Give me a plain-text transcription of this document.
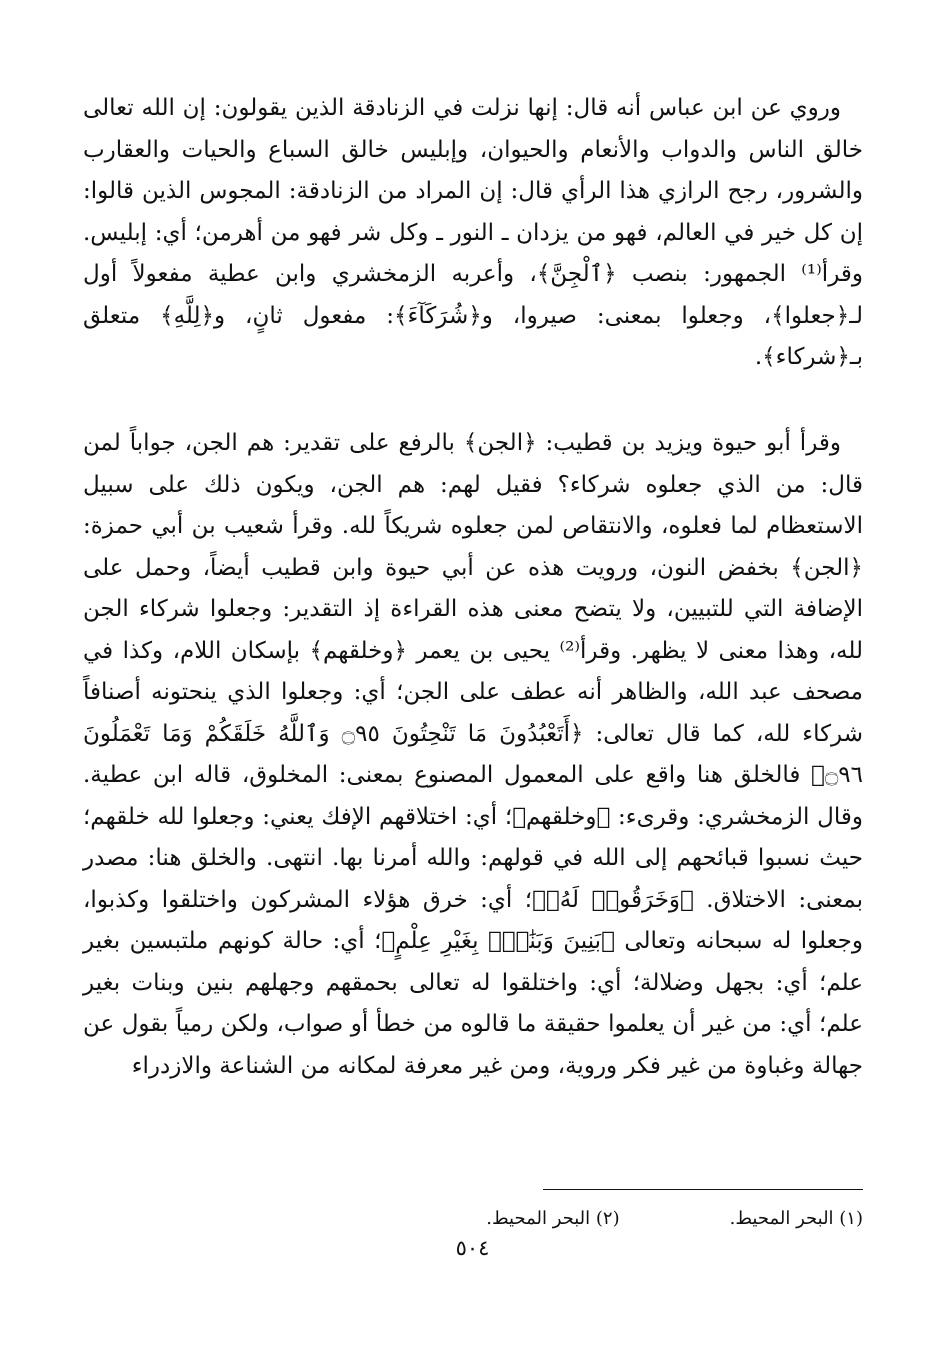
وروي عن ابن عباس أنه قال: إنها نزلت في الزنادقة الذين يقولون: إن الله تعالى خالق الناس والدواب والأنعام والحيوان، وإبليس خالق السباع والحيات والعقارب والشرور، رجح الرازي هذا الرأي قال: إن المراد من الزنادقة: المجوس الذين قالوا: إن كل خير في العالم، فهو من يزدان ـ النور ـ وكل شر فهو من أهرمن؛ أي: إبليس. وقرأ⁽¹⁾ الجمهور: بنصب ﴿ٱلْجِنَّ﴾، وأعربه الزمخشري وابن عطية مفعولاً أول لـ﴿جعلوا﴾، وجعلوا بمعنى: صيروا، و﴿شُرَكَآءَ﴾: مفعول ثانٍ، و﴿لِلَّهِ﴾ متعلق بـ﴿شركاء﴾.

وقرأ أبو حيوة ويزيد بن قطيب: ﴿الجن﴾ بالرفع على تقدير: هم الجن، جواباً لمن قال: من الذي جعلوه شركاء؟ فقيل لهم: هم الجن، ويكون ذلك على سبيل الاستعظام لما فعلوه، والانتقاص لمن جعلوه شريكاً لله. وقرأ شعيب بن أبي حمزة: ﴿الجن﴾ بخفض النون، ورويت هذه عن أبي حيوة وابن قطيب أيضاً، وحمل على الإضافة التي للتبيين، ولا يتضح معنى هذه القراءة إذ التقدير: وجعلوا شركاء الجن لله، وهذا معنى لا يظهر. وقرأ⁽²⁾ يحيى بن يعمر ﴿وخلقهم﴾ بإسكان اللام، وكذا في مصحف عبد الله، والظاهر أنه عطف على الجن؛ أي: وجعلوا الذي ينحتونه أصنافاً شركاء لله، كما قال تعالى: ﴿أَتَعْبُدُونَ مَا تَنْحِتُونَ ۝٩٥ وَٱللَّهُ خَلَقَكُمْ وَمَا تَعْمَلُونَ ۝٩٦﴾ فالخلق هنا واقع على المعمول المصنوع بمعنى: المخلوق، قاله ابن عطية. وقال الزمخشري: وقرىء: ﴿وخلقهم﴾؛ أي: اختلاقهم الإفك يعني: وجعلوا لله خلقهم؛ حيث نسبوا قبائحهم إلى الله في قولهم: والله أمرنا بها. انتهى. والخلق هنا: مصدر بمعنى: الاختلاق. ﴿وَخَرَقُوا۟ لَهُۥ﴾؛ أي: خرق هؤلاء المشركون واختلقوا وكذبوا، وجعلوا له سبحانه وتعالى ﴿بَنِينَ وَبَنَٰتٍۭ بِغَيْرِ عِلْمٍ﴾؛ أي: حالة كونهم ملتبسين بغير علم؛ أي: بجهل وضلالة؛ أي: واختلقوا له تعالى بحمقهم وجهلهم بنين وبنات بغير علم؛ أي: من غير أن يعلموا حقيقة ما قالوه من خطأ أو صواب، ولكن رمياً بقول عن جهالة وغباوة من غير فكر وروية، ومن غير معرفة لمكانه من الشناعة والازدراء

(١) البحر المحيط.
(٢) البحر المحيط.
٥٠٤
